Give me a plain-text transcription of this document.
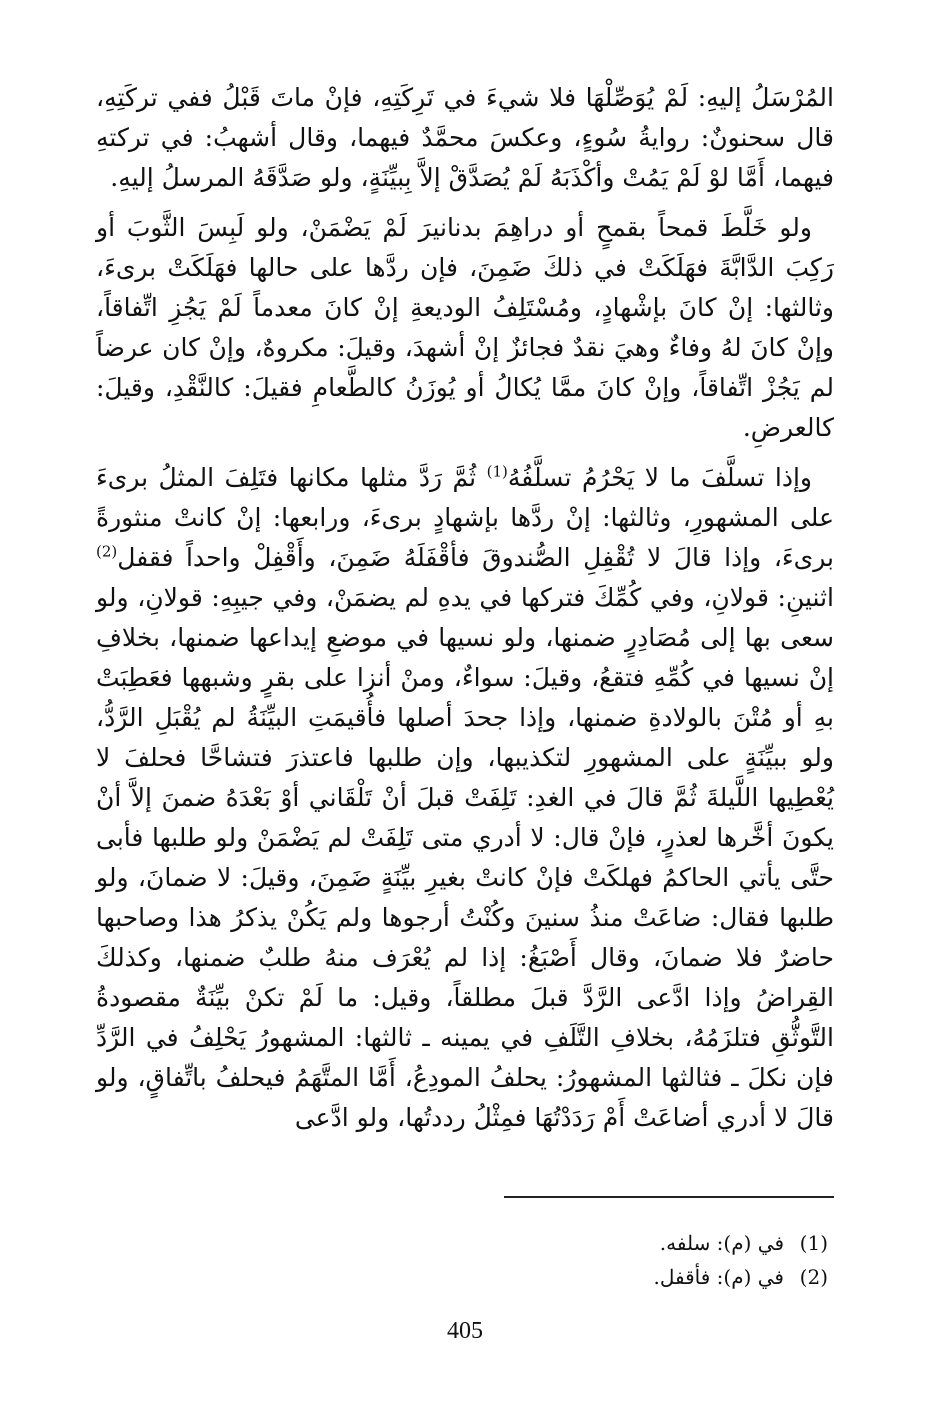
المُرْسَلُ إليهِ: لَمْ يُوَصِّلْهَا فلا شيءَ في تَرِكَتِهِ، فإنْ ماتَ قَبْلُ ففي تركَتِهِ، قال سحنونٌ: روايةُ سُوءٍ، وعكسَ محمَّدٌ فيهما، وقال أشهبُ: في تركتهِ فيهما، أَمَّا لوْ لَمْ يَمُتْ وأكْذَبَهُ لَمْ يُصَدَّقْ إلاَّ بِبيِّنَةٍ، ولو صَدَّقَهُ المرسلُ إليهِ.

ولو خَلَّطَ قمحاً بقمحٍ أو دراهِمَ بدنانيرَ لَمْ يَضْمَنْ، ولو لَبِسَ الثَّوبَ أو رَكِبَ الدَّابَّةَ فهَلَكَتْ في ذلكَ ضَمِنَ، فإن ردَّها على حالها فهَلَكَتْ برىءَ، وثالثها: إنْ كانَ بإشْهادٍ، ومُسْتَلِفُ الوديعةِ إنْ كانَ معدماً لَمْ يَجُزِ اتِّفاقاً، وإنْ كانَ لهُ وفاءٌ وهيَ نقدٌ فجائزٌ إنْ أشهدَ، وقيلَ: مكروهٌ، وإنْ كان عرضاً لم يَجُزْ اتِّفاقاً، وإنْ كانَ ممَّا يُكالُ أو يُوزَنُ كالطَّعامِ فقيلَ: كالنَّقْدِ، وقيلَ: كالعرضِ.

وإذا تسلَّفَ ما لا يَحْرُمُ تسلَّفُهُ$^{(1)}$ ثُمَّ رَدَّ مثلها مكانها فتَلِفَ المثلُ برىءَ على المشهورِ، وثالثها: إنْ ردَّها بإشهادٍ برىءَ، ورابعها: إنْ كانتْ منثورةً برىءَ، وإذا قالَ لا تُقْفِلِ الصُّندوقَ فأقْفَلَهُ ضَمِنَ، وأَقْفِلْ واحداً فقفل$^{(2)}$ اثنينِ: قولانِ، وفي كُمِّكَ فتركها في يدهِ لم يضمَنْ، وفي جيبِهِ: قولانِ، ولو سعى بها إلى مُصَادِرٍ ضمنها، ولو نسيها في موضعِ إيداعها ضمنها، بخلافِ إنْ نسيها في كُمِّهِ فتقعُ، وقيلَ: سواءٌ، ومنْ أنزا على بقرٍ وشبهها فعَطِبَتْ بهِ أو مُتْنَ بالولادةِ ضمنها، وإذا جحدَ أصلها فأُقيمَتِ البيِّنَةُ لم يُقْبَلِ الرَّدُّ، ولو ببيِّنَةٍ على المشهورِ لتكذيبها، وإن طلبها فاعتذرَ فتشاحَّا فحلفَ لا يُعْطِيها اللَّيلةَ ثُمَّ قالَ في الغدِ: تَلِفَتْ قبلَ أنْ تَلْقَاني أوْ بَعْدَهُ ضمنَ إلاَّ أنْ يكونَ أخَّرها لعذرٍ، فإنْ قال: لا أدري متى تَلِفَتْ لم يَضْمَنْ ولو طلبها فأبى حتَّى يأتي الحاكمُ فهلكَتْ فإنْ كانتْ بغيرِ بيِّنَةٍ ضَمِنَ، وقيلَ: لا ضمانَ، ولو طلبها فقال: ضاعَتْ منذُ سنينَ وكُنْتُ أرجوها ولم يَكُنْ يذكرُ هذا وصاحبها حاضرٌ فلا ضمانَ، وقال أَصْبَغُ: إذا لم يُعْرَف منهُ طلبٌ ضمنها، وكذلكَ القِراضُ وإذا ادَّعى الرَّدَّ قبلَ مطلقاً، وقيل: ما لَمْ تكنْ بيِّنَةٌ مقصودةُ التَّوثُّقِ فتلزَمُهُ، بخلافِ التَّلَفِ في يمينه ـ ثالثها: المشهورُ يَحْلِفُ في الرَّدِّ فإن نكلَ ـ فثالثها المشهورُ: يحلفُ المودِعُ، أَمَّا المتَّهَمُ فيحلفُ باتِّفاقٍ، ولو قالَ لا أدري أضاعَتْ أَمْ رَدَدْتُهَا فمِثْلُ رددتُها، ولو ادَّعى

(1)
في (م): سلفه.
(2)
في (م): فأقفل.
405
